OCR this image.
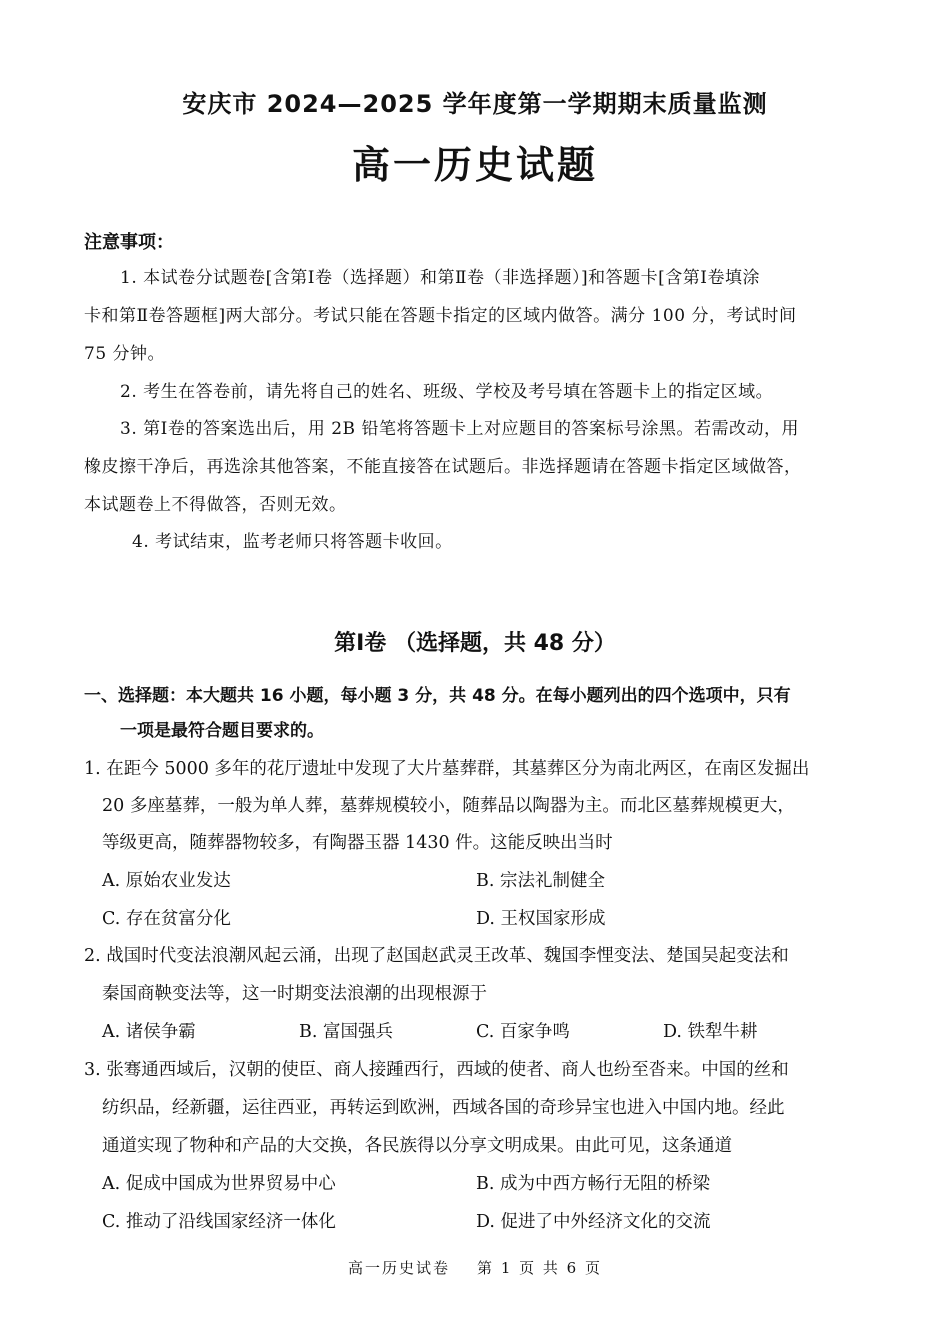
安庆市 2024—2025 学年度第一学期期末质量监测
高一历史试题
注意事项：
1. 本试卷分试题卷[含第Ⅰ卷（选择题）和第Ⅱ卷（非选择题）]和答题卡[含第Ⅰ卷填涂
卡和第Ⅱ卷答题框]两大部分。考试只能在答题卡指定的区域内做答。满分 100 分，考试时间
75 分钟。
2. 考生在答卷前，请先将自己的姓名、班级、学校及考号填在答题卡上的指定区域。
3. 第Ⅰ卷的答案选出后，用 2B 铅笔将答题卡上对应题目的答案标号涂黑。若需改动，用
橡皮擦干净后，再选涂其他答案，不能直接答在试题后。非选择题请在答题卡指定区域做答，
本试题卷上不得做答，否则无效。
4. 考试结束，监考老师只将答题卡收回。
第Ⅰ卷 （选择题，共 48 分）
一、选择题：本大题共 16 小题，每小题 3 分，共 48 分。在每小题列出的四个选项中，只有
一项是最符合题目要求的。
1. 在距今 5000 多年的花厅遗址中发现了大片墓葬群，其墓葬区分为南北两区，在南区发掘出
20 多座墓葬，一般为单人葬，墓葬规模较小，随葬品以陶器为主。而北区墓葬规模更大，
等级更高，随葬器物较多，有陶器玉器 1430 件。这能反映出当时
A. 原始农业发达	B. 宗法礼制健全
C. 存在贫富分化	D. 王权国家形成
2. 战国时代变法浪潮风起云涌，出现了赵国赵武灵王改革、魏国李悝变法、楚国吴起变法和
秦国商鞅变法等，这一时期变法浪潮的出现根源于
A. 诸侯争霸	B. 富国强兵	C. 百家争鸣	D. 铁犁牛耕
3. 张骞通西域后，汉朝的使臣、商人接踵西行，西域的使者、商人也纷至沓来。中国的丝和
纺织品，经新疆，运往西亚，再转运到欧洲，西域各国的奇珍异宝也进入中国内地。经此
通道实现了物种和产品的大交换，各民族得以分享文明成果。由此可见，这条通道
A. 促成中国成为世界贸易中心	B. 成为中西方畅行无阻的桥梁
C. 推动了沿线国家经济一体化	D. 促进了中外经济文化的交流
高一历史试卷    第 1 页 共 6 页
